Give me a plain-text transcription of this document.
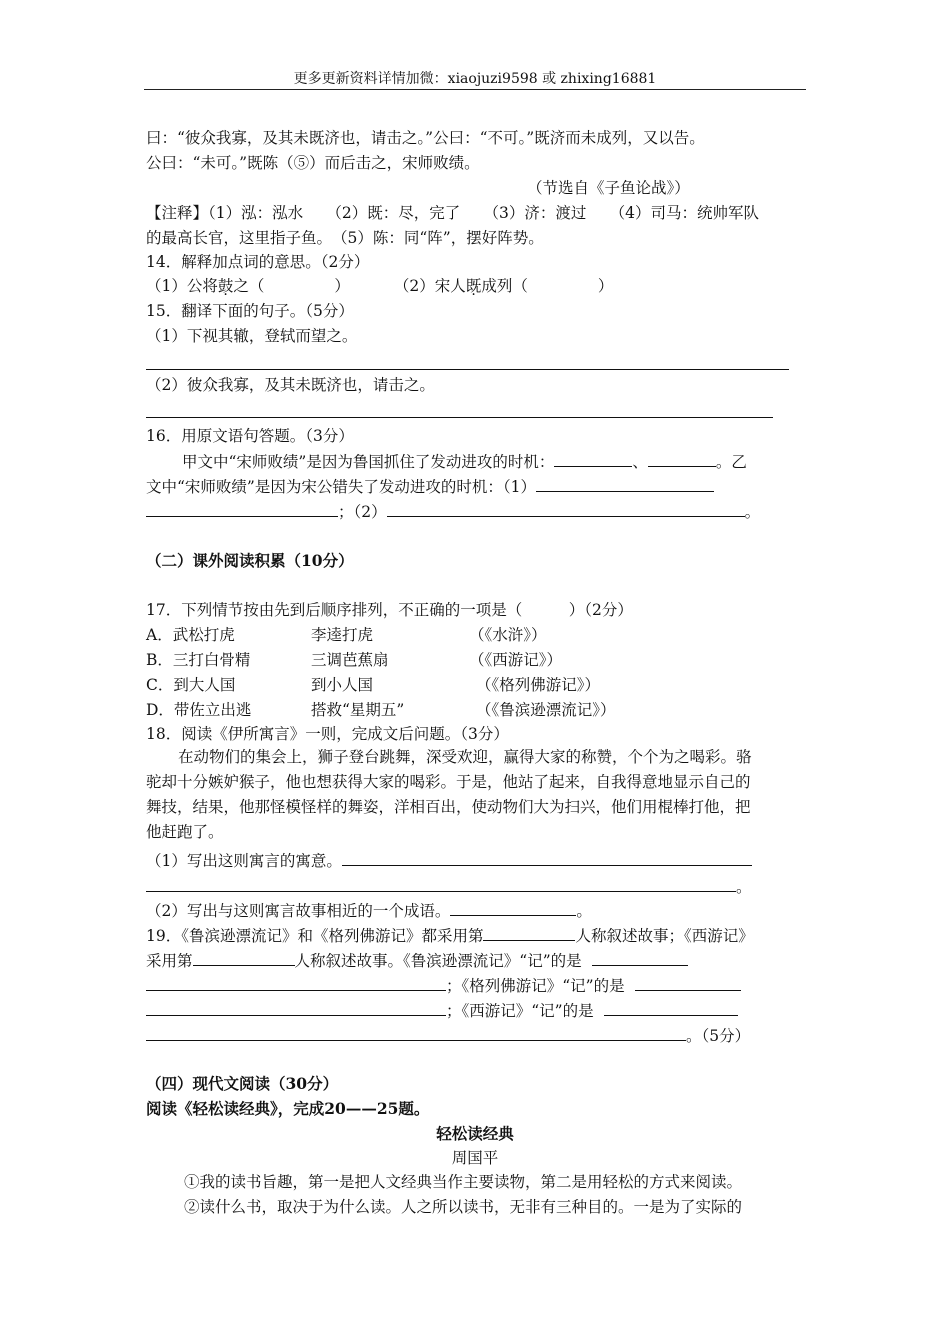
更多更新资料详情加微：xiaojuzi9598 或 zhixing16881
曰：“彼众我寡，及其未既济也，请击之。”公曰：“不可。”既济而未成列，又以告。
公曰：“未可。”既陈（⑤）而后击之，宋师败绩。
（节选自《子鱼论战》）
【注释】（1）泓：泓水　　（2）既：尽，完了　　（3）济：渡过　　（4）司马：统帅军队
的最高长官，这里指子鱼。　（5）陈：同“阵”，摆好阵势。
14．解释加点词的意思。（2分）
（1）公将鼓之（	）	（2）宋人既成列（	）
15．翻译下面的句子。（5分）
（1）下视其辙，登轼而望之。
（2）彼众我寡，及其未既济也，请击之。
16．用原文语句答题。（3分）
甲文中“宋师败绩”是因为鲁国抓住了发动进攻的时机：	、	。乙
文中“宋师败绩”是因为宋公错失了发动进攻的时机：（1）
；（2）	。
（二）课外阅读积累（10分）
17．下列情节按由先到后顺序排列，不正确的一项是（　　　）（2分）
A．武松打虎	李逵打虎	（《水浒》）
B．三打白骨精	三调芭蕉扇	（《西游记》）
C．到大人国	到小人国	（《格列佛游记》）
D．带佐立出逃	搭救“星期五”	（《鲁滨逊漂流记》）
18．阅读《伊所寓言》一则，完成文后问题。（3分）
在动物们的集会上，狮子登台跳舞，深受欢迎，赢得大家的称赞，个个为之喝彩。骆
驼却十分嫉妒猴子，他也想获得大家的喝彩。于是，他站了起来，自我得意地显示自己的
舞技，结果，他那怪模怪样的舞姿，洋相百出，使动物们大为扫兴，他们用棍棒打他，把
他赶跑了。
（1）写出这则寓言的寓意。
。
（2）写出与这则寓言故事相近的一个成语。	。
19．《鲁滨逊漂流记》和《格列佛游记》都采用第	人称叙述故事；《西游记》
采用第	人称叙述故事。《鲁滨逊漂流记》“记”的是
；《格列佛游记》“记”的是
；《西游记》“记”的是
。（5分）
（四）现代文阅读（30分）
阅读《轻松读经典》，完成20——25题。
轻松读经典
周国平
①我的读书旨趣，第一是把人文经典当作主要读物，第二是用轻松的方式来阅读。
②读什么书，取决于为什么读。人之所以读书，无非有三种目的。一是为了实际的
